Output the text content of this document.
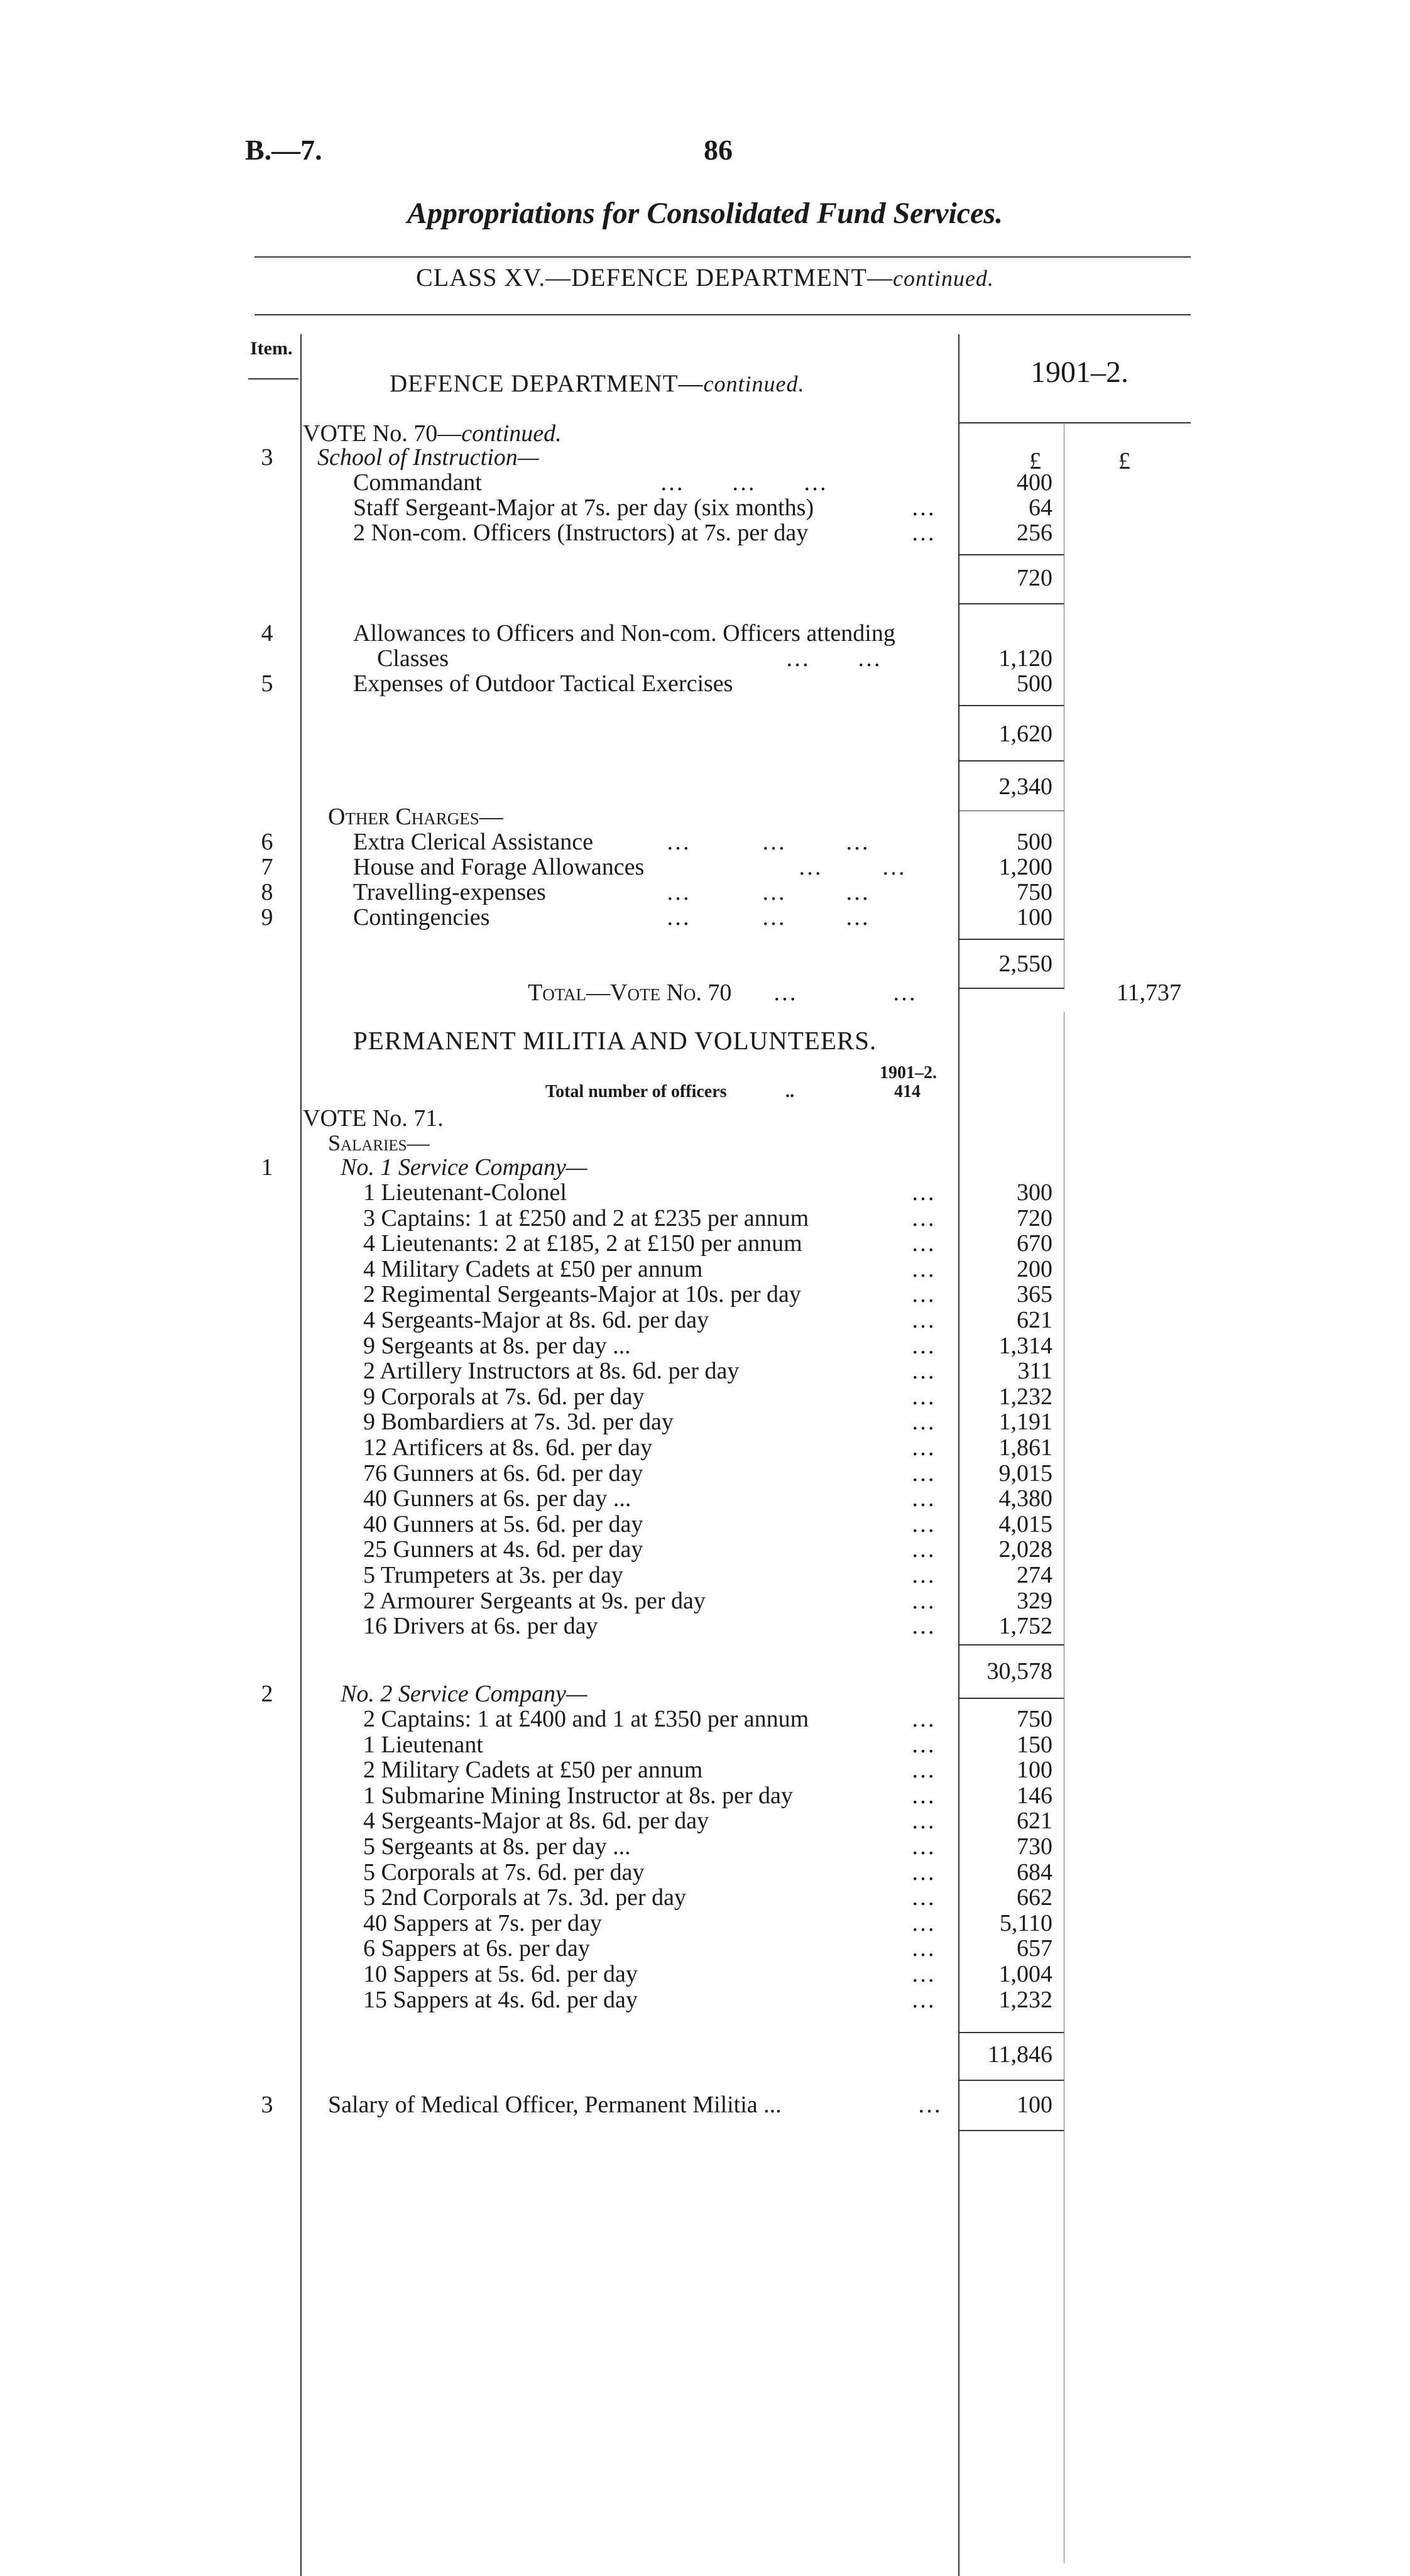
B.—7.	86
Appropriations for Consolidated Fund Services.
CLASS XV.—DEFENCE DEPARTMENT—continued.
Item.
DEFENCE DEPARTMENT—continued.	1901–2.
£	£
VOTE No. 70—continued.
3 School of Instruction—
Commandant	…        …        …	400
Staff Sergeant-Major at 7s. per day (six months)	…	64
2 Non-com. Officers (Instructors) at 7s. per day	…	256
720
4	Allowances to Officers and Non-com. Officers attending
Classes	…        …	1,120
5	Expenses of Outdoor Tactical Exercises	500
1,620
2,340
Other Charges—
6	Extra Clerical Assistance	…            …          …	500
7	House and Forage Allowances	…          …	1,200
8	Travelling-expenses	…            …          …	750
9	Contingencies	…            …          …	100
2,550
Total—Vote No. 70 …                …	11,737
PERMANENT MILITIA AND VOLUNTEERS.
1901–2.
Total number of officers	..	414
VOTE No. 71.
Salaries—
1	No. 1 Service Company—
1 Lieutenant-Colonel	…	300
3 Captains: 1 at £250 and 2 at £235 per annum	…	720
4 Lieutenants: 2 at £185, 2 at £150 per annum	…	670
4 Military Cadets at £50 per annum	…	200
2 Regimental Sergeants-Major at 10s. per day	…	365
4 Sergeants-Major at 8s. 6d. per day	…	621
9 Sergeants at 8s. per day ...	…	1,314
2 Artillery Instructors at 8s. 6d. per day	…	311
9 Corporals at 7s. 6d. per day	…	1,232
9 Bombardiers at 7s. 3d. per day	…	1,191
12 Artificers at 8s. 6d. per day	…	1,861
76 Gunners at 6s. 6d. per day	…	9,015
40 Gunners at 6s. per day ...	…	4,380
40 Gunners at 5s. 6d. per day	…	4,015
25 Gunners at 4s. 6d. per day	…	2,028
5 Trumpeters at 3s. per day	…	274
2 Armourer Sergeants at 9s. per day	…	329
16 Drivers at 6s. per day	…	1,752
30,578
2	No. 2 Service Company—
2 Captains: 1 at £400 and 1 at £350 per annum	…	750
1 Lieutenant	…	150
2 Military Cadets at £50 per annum	…	100
1 Submarine Mining Instructor at 8s. per day	…	146
4 Sergeants-Major at 8s. 6d. per day	…	621
5 Sergeants at 8s. per day ...	…	730
5 Corporals at 7s. 6d. per day	…	684
5 2nd Corporals at 7s. 3d. per day	…	662
40 Sappers at 7s. per day	…	5,110
6 Sappers at 6s. per day	…	657
10 Sappers at 5s. 6d. per day	…	1,004
15 Sappers at 4s. 6d. per day	…	1,232
11,846
3 Salary of Medical Officer, Permanent Militia ...	…	100
